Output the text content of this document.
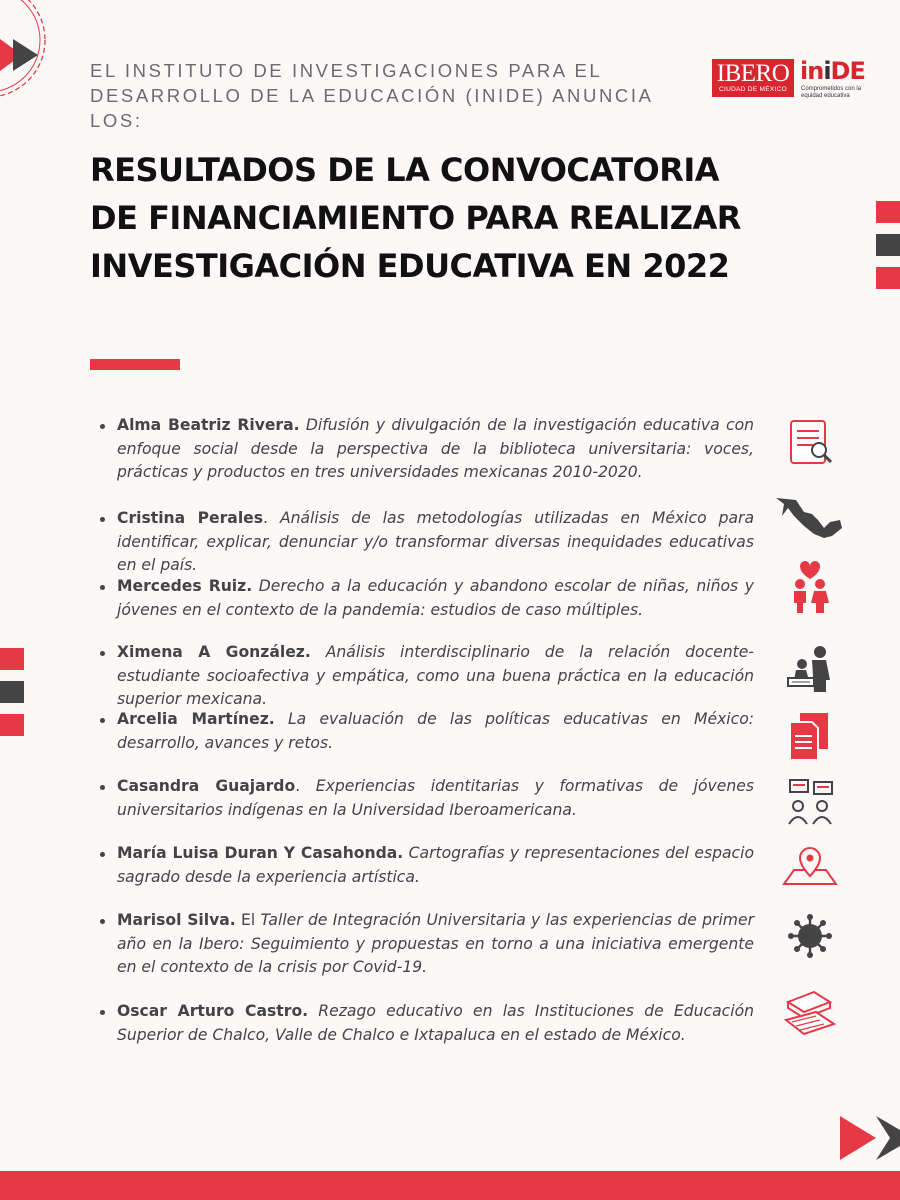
EL INSTITUTO DE INVESTIGACIONES PARA EL DESARROLLO DE LA EDUCACIÓN (INIDE) ANUNCIA LOS:
IBERO
CIUDAD DE MÉXICO
iniDE
Comprometidos con la equidad educativa
RESULTADOS DE LA CONVOCATORIA DE FINANCIAMIENTO PARA REALIZAR INVESTIGACIÓN EDUCATIVA EN 2022
Alma Beatriz Rivera. Difusión y divulgación de la investigación educativa con enfoque social desde la perspectiva de la biblioteca universitaria: voces, prácticas y productos en tres universidades mexicanas 2010-2020.
Cristina Perales. Análisis de las metodologías utilizadas en México para identificar, explicar, denunciar y/o transformar diversas inequidades educativas en el país.
Mercedes Ruiz. Derecho a la educación y abandono escolar de niñas, niños y jóvenes en el contexto de la pandemia: estudios de caso múltiples.
Ximena A González. Análisis interdisciplinario de la relación docente-estudiante socioafectiva y empática, como una buena práctica en la educación superior mexicana.
Arcelia Martínez. La evaluación de las políticas educativas en México: desarrollo, avances y retos.
Casandra Guajardo. Experiencias identitarias y formativas de jóvenes universitarios indígenas en la Universidad Iberoamericana.
María Luisa Duran Y Casahonda. Cartografías y representaciones del espacio sagrado desde la experiencia artística.
Marisol Silva. El Taller de Integración Universitaria y las experiencias de primer año en la Ibero: Seguimiento y propuestas en torno a una iniciativa emergente en el contexto de la crisis por Covid-19.
Oscar Arturo Castro. Rezago educativo en las Instituciones de Educación Superior de Chalco, Valle de Chalco e Ixtapaluca en el estado de México.
